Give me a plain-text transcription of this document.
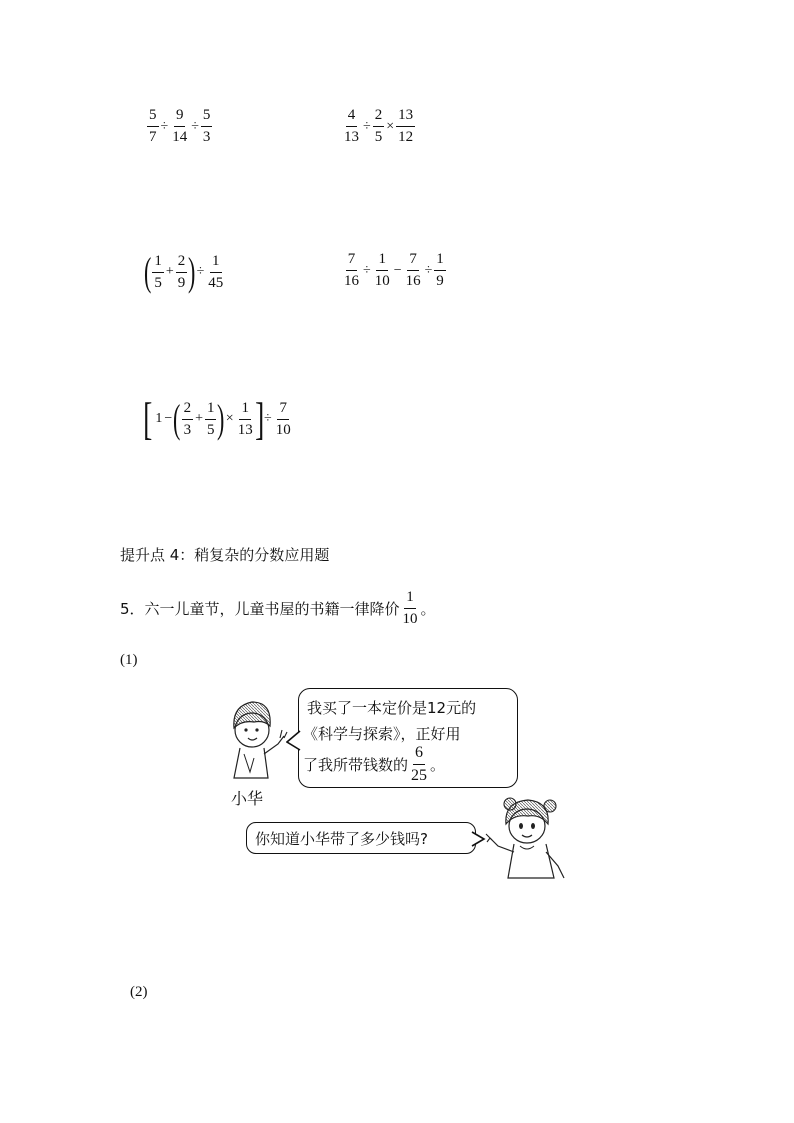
$\frac{5}{7} \div \frac{9}{14} \div \frac{5}{3}$	$\frac{4}{13} \div \frac{2}{5} \times \frac{13}{12}$
( $\frac{1}{5} + \frac{2}{9}$ ) ÷ $\frac{1}{45}$	$\frac{7}{16} \div \frac{1}{10} - \frac{7}{16} \div \frac{1}{9}$
[ 1 − ( $\frac{2}{3} + \frac{1}{5}$ ) × $\frac{1}{13}$ ] ÷ $\frac{7}{10}$
提升点 4：稍复杂的分数应用题
5．六一儿童节，儿童书屋的书籍一律降价 $\frac{1}{10}$ 。
(1)
(2)
小华
我买了一本定价是12元的
《科学与探索》，正好用
了我所带钱数的 $\frac{6}{25}$ 。
你知道小华带了多少钱吗?
